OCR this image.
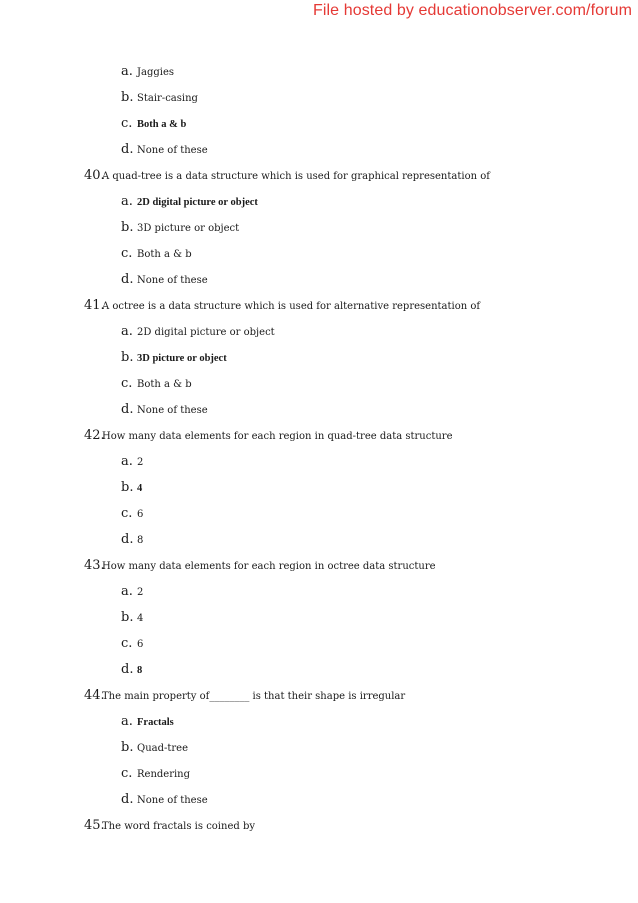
File hosted by educationobserver.com/forum
a. Jaggies
b. Stair-casing
c. Both a & b
d. None of these
40.
A quad-tree is a data structure which is used for graphical representation of
a. 2D digital picture or object
b. 3D picture or object
c. Both a & b
d. None of these
41.
A octree is a data structure which is used for alternative representation of
a. 2D digital picture or object
b. 3D picture or object
c. Both a & b
d. None of these
42.
How many data elements for each region in quad-tree data structure
a. 2
b. 4
c. 6
d. 8
43.
How many data elements for each region in octree data structure
a. 2
b. 4
c. 6
d. 8
44.
The main property of________ is that their shape is irregular
a. Fractals
b. Quad-tree
c. Rendering
d. None of these
45.
The word fractals is coined by
